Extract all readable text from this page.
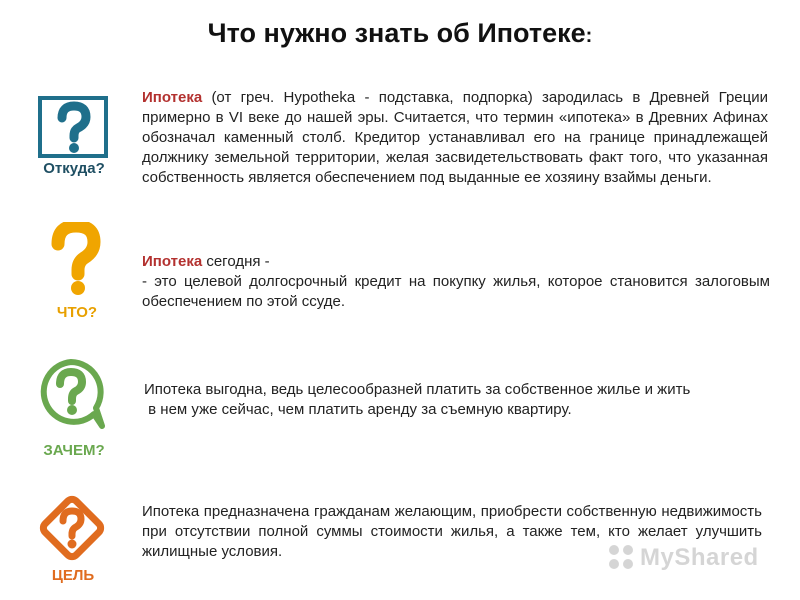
Что нужно знать об Ипотеке:
Откуда?
Ипотека (от греч. Hypotheka - подставка, подпорка) зародилась в Древней Греции примерно в VI веке до нашей эры. Считается, что термин «ипотека» в Древних Афинах обозначал каменный столб. Кредитор устанавливал его на границе принадлежащей должнику земельной территории, желая засвидетельствовать факт того, что указанная собственность является обеспечением под выданные ее хозяину взаймы деньги.
ЧТО?
Ипотека сегодня -
- это целевой долгосрочный кредит на покупку жилья, которое становится залоговым обеспечением по этой ссуде.
ЗАЧЕМ?
Ипотека выгодна, ведь целесообразней платить за собственное жилье и жить
в нем уже сейчас, чем платить аренду за съемную квартиру.
ЦЕЛЬ
Ипотека предназначена гражданам желающим, приобрести собственную недвижимость при отсутствии полной суммы стоимости жилья, а также тем, кто желает улучшить жилищные условия.	MyShared
